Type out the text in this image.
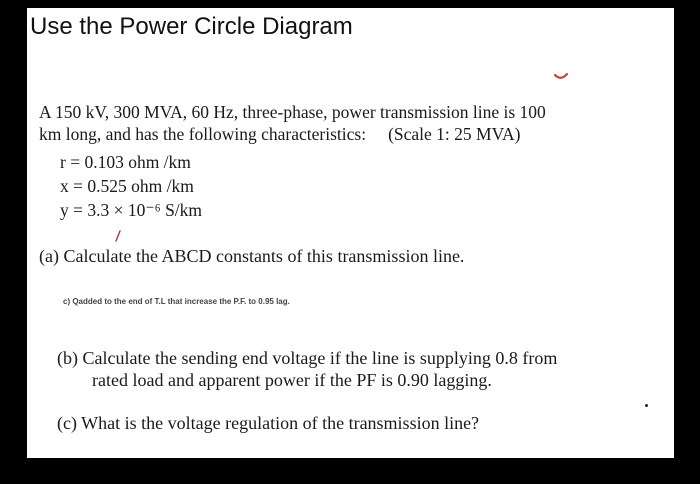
Use the Power Circle Diagram
A 150 kV, 300 MVA, 60 Hz, three-phase, power transmission line is 100
km long, and has the following characteristics: (Scale 1: 25 MVA)
r = 0.103 ohm /km
x = 0.525 ohm /km
y = 3.3 × 10⁻⁶ S/km
(a) Calculate the ABCD constants of this transmission line.
c) Qadded to the end of T.L that increase the P.F. to 0.95 lag.
(b) Calculate the sending end voltage if the line is supplying 0.8 from
rated load and apparent power if the PF is 0.90 lagging.
(c) What is the voltage regulation of the transmission line?
